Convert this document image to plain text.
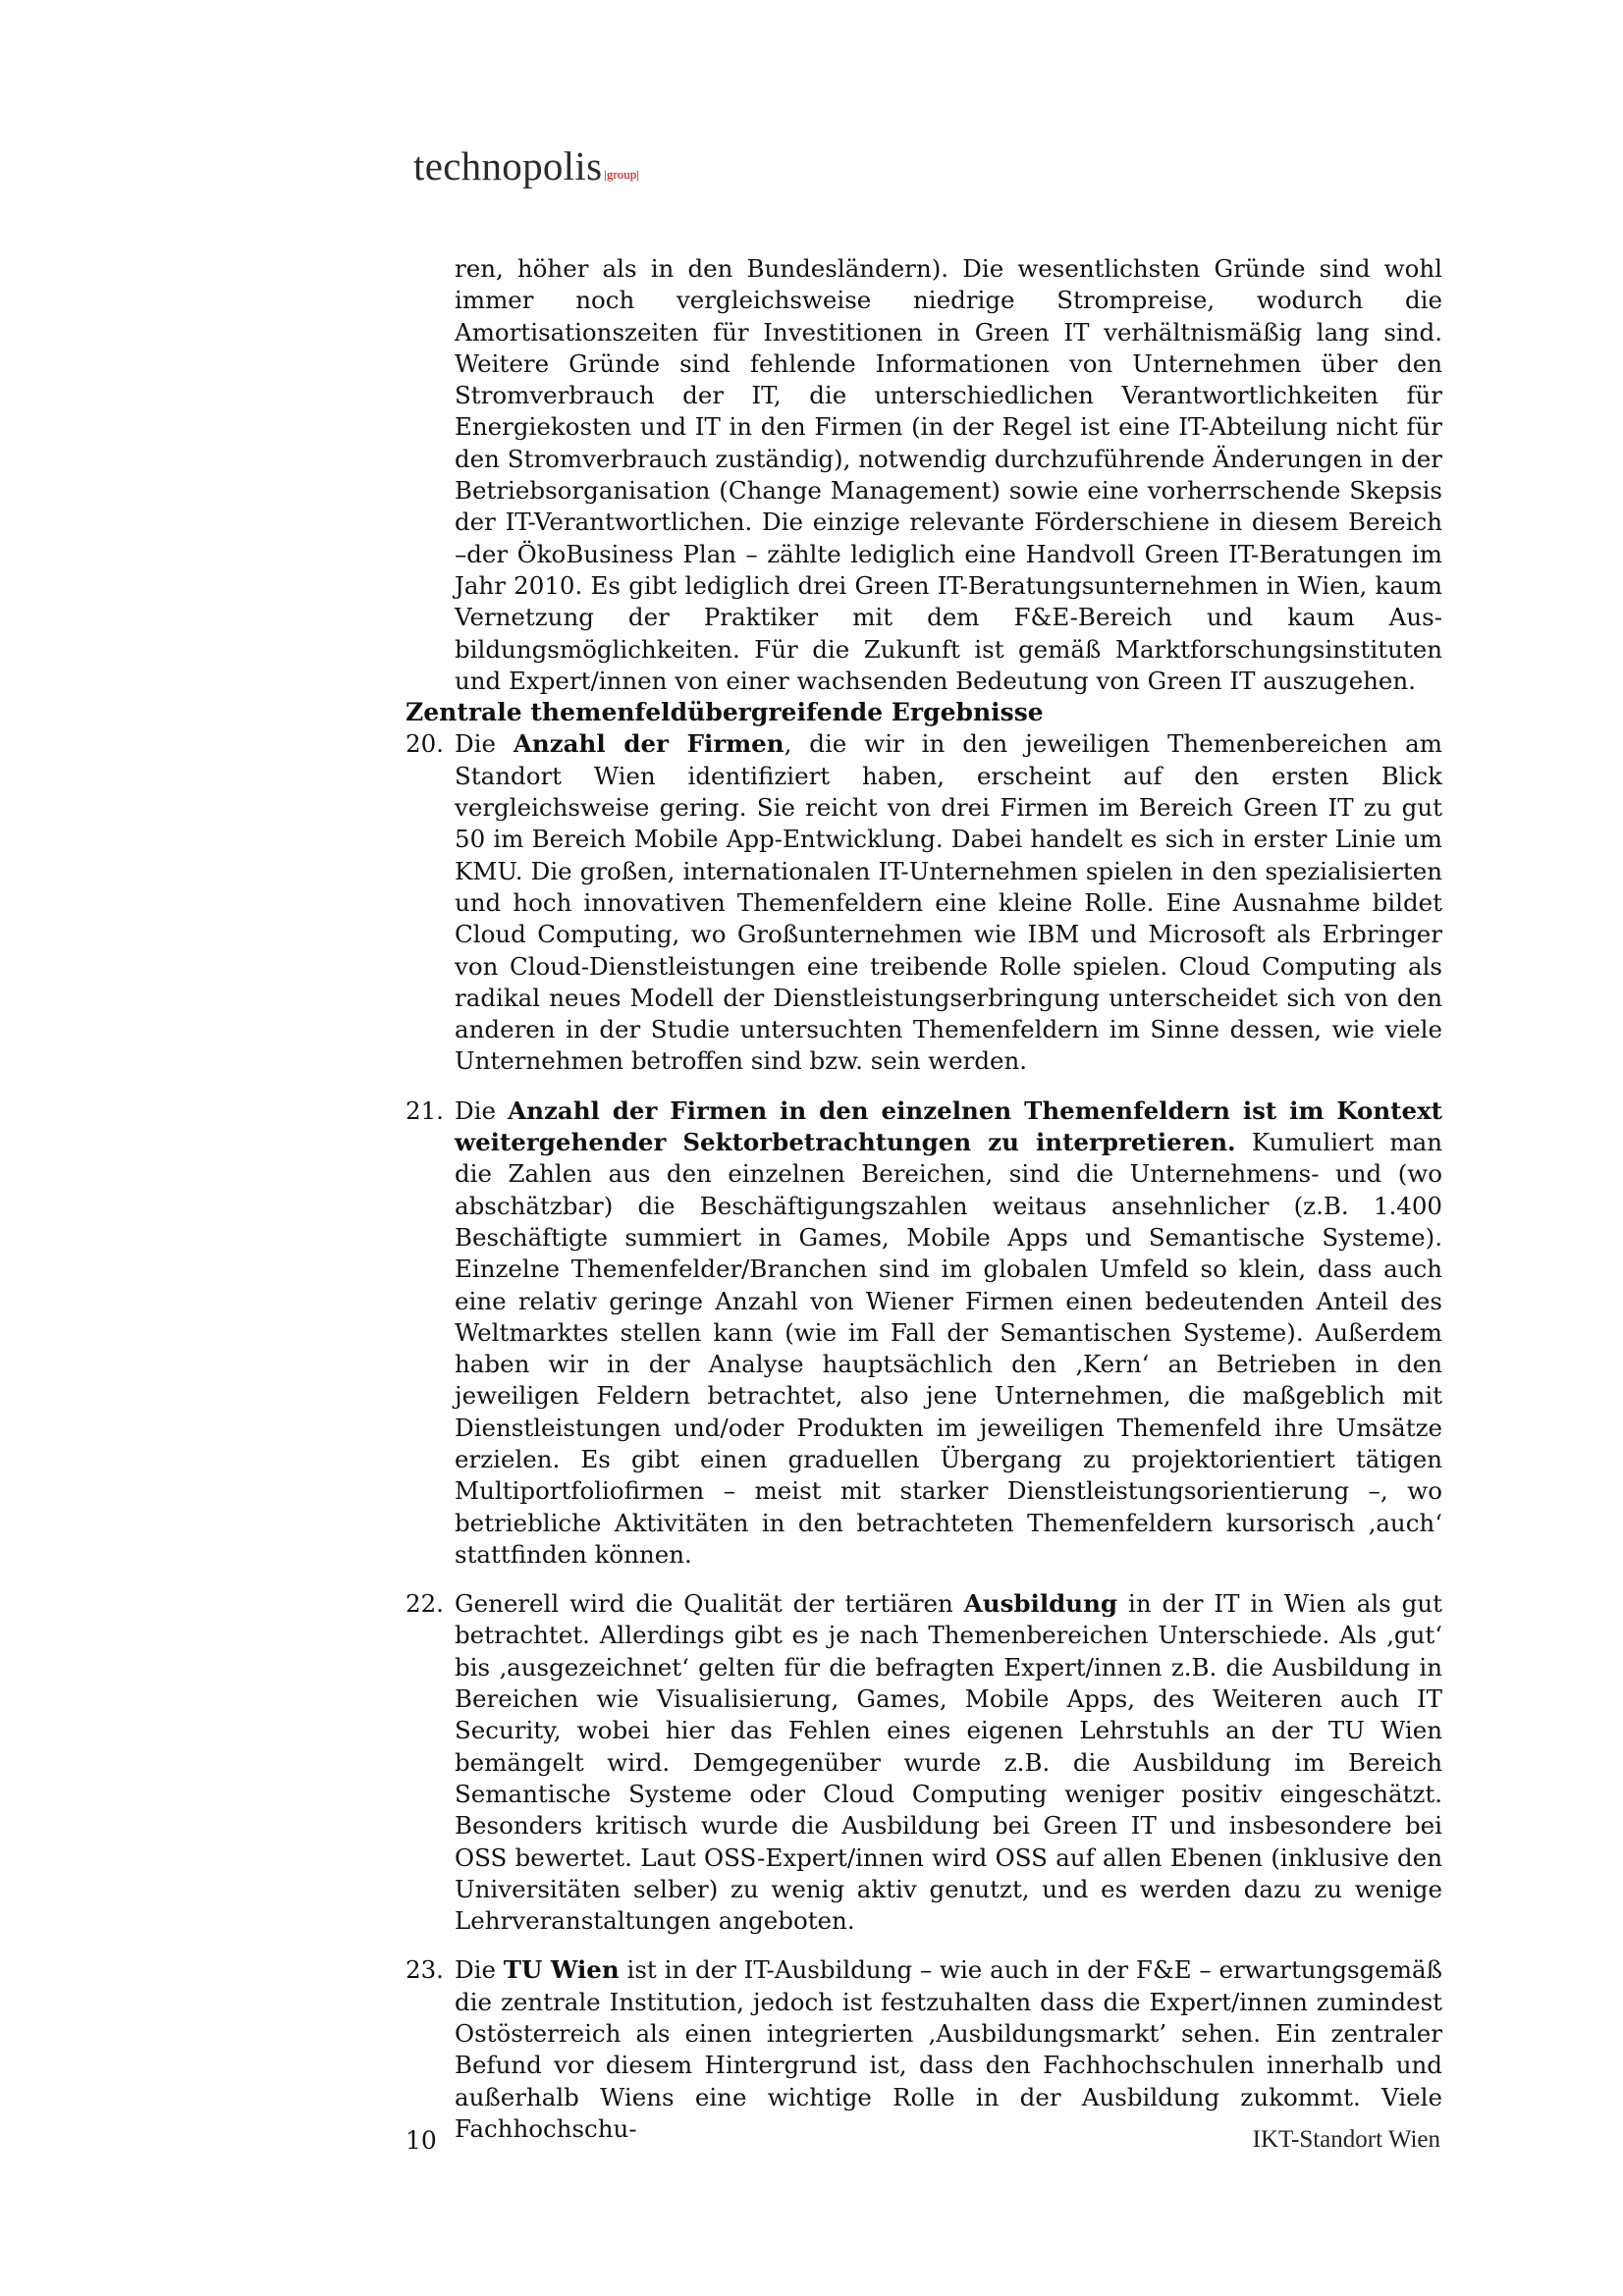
technopolis |group|

ren, höher als in den Bundesländern). Die wesentlichsten Gründe sind wohl immer noch vergleichsweise niedrige Strompreise, wodurch die Amortisationszeiten für Investitionen in Green IT verhältnismäßig lang sind. Weitere Gründe sind fehlende Informationen von Unternehmen über den Stromverbrauch der IT, die unterschiedlichen Verantwortlichkeiten für Energiekosten und IT in den Firmen (in der Regel ist eine IT-Abteilung nicht für den Stromverbrauch zuständig), notwendig durchzuführende Änderungen in der Betriebsorganisation (Change Management) sowie eine vorherrschende Skepsis der IT-Verantwortlichen. Die einzige relevante Förderschiene in diesem Bereich –der ÖkoBusiness Plan – zählte lediglich eine Handvoll Green IT-Beratungen im Jahr 2010. Es gibt lediglich drei Green IT-Beratungsunternehmen in Wien, kaum Vernetzung der Praktiker mit dem F&E-Bereich und kaum Aus-bildungsmöglichkeiten. Für die Zukunft ist gemäß Marktforschungsinstituten und Expert/innen von einer wachsenden Bedeutung von Green IT auszugehen.

Zentrale themenfeldübergreifende Ergebnisse

20. Die Anzahl der Firmen, die wir in den jeweiligen Themenbereichen am Standort Wien identifiziert haben, erscheint auf den ersten Blick vergleichsweise gering. Sie reicht von drei Firmen im Bereich Green IT zu gut 50 im Bereich Mobile App-Entwicklung. Dabei handelt es sich in erster Linie um KMU. Die großen, internationalen IT-Unternehmen spielen in den spezialisierten und hoch innovativen Themenfeldern eine kleine Rolle. Eine Ausnahme bildet Cloud Computing, wo Großunternehmen wie IBM und Microsoft als Erbringer von Cloud-Dienstleistungen eine treibende Rolle spielen. Cloud Computing als radikal neues Modell der Dienstleistungserbringung unterscheidet sich von den anderen in der Studie untersuchten Themenfeldern im Sinne dessen, wie viele Unternehmen betroffen sind bzw. sein werden.

21. Die Anzahl der Firmen in den einzelnen Themenfeldern ist im Kontext weitergehender Sektorbetrachtungen zu interpretieren. Kumuliert man die Zahlen aus den einzelnen Bereichen, sind die Unternehmens- und (wo abschätzbar) die Beschäftigungszahlen weitaus ansehnlicher (z.B. 1.400 Beschäftigte summiert in Games, Mobile Apps und Semantische Systeme). Einzelne Themenfelder/Branchen sind im globalen Umfeld so klein, dass auch eine relativ geringe Anzahl von Wiener Firmen einen bedeutenden Anteil des Weltmarktes stellen kann (wie im Fall der Semantischen Systeme). Außerdem haben wir in der Analyse hauptsächlich den ‚Kern‘ an Betrieben in den jeweiligen Feldern betrachtet, also jene Unternehmen, die maßgeblich mit Dienstleistungen und/oder Produkten im jeweiligen Themenfeld ihre Umsätze erzielen. Es gibt einen graduellen Übergang zu projektorientiert tätigen Multiportfoliofirmen – meist mit starker Dienstleistungsorientierung –, wo betriebliche Aktivitäten in den betrachteten Themenfeldern kursorisch ‚auch‘ stattfinden können.

22. Generell wird die Qualität der tertiären Ausbildung in der IT in Wien als gut betrachtet. Allerdings gibt es je nach Themenbereichen Unterschiede. Als ‚gut‘ bis ‚ausgezeichnet‘ gelten für die befragten Expert/innen z.B. die Ausbildung in Bereichen wie Visualisierung, Games, Mobile Apps, des Weiteren auch IT Security, wobei hier das Fehlen eines eigenen Lehrstuhls an der TU Wien bemängelt wird. Demgegenüber wurde z.B. die Ausbildung im Bereich Semantische Systeme oder Cloud Computing weniger positiv eingeschätzt. Besonders kritisch wurde die Ausbildung bei Green IT und insbesondere bei OSS bewertet. Laut OSS-Expert/innen wird OSS auf allen Ebenen (inklusive den Universitäten selber) zu wenig aktiv genutzt, und es werden dazu zu wenige Lehrveranstaltungen angeboten.

23. Die TU Wien ist in der IT-Ausbildung – wie auch in der F&E – erwartungsgemäß die zentrale Institution, jedoch ist festzuhalten dass die Expert/innen zumindest Ostösterreich als einen integrierten ‚Ausbildungsmarkt’ sehen. Ein zentraler Befund vor diesem Hintergrund ist, dass den Fachhochschulen innerhalb und außerhalb Wiens eine wichtige Rolle in der Ausbildung zukommt. Viele Fachhochschu-

10	IKT-Standort Wien
